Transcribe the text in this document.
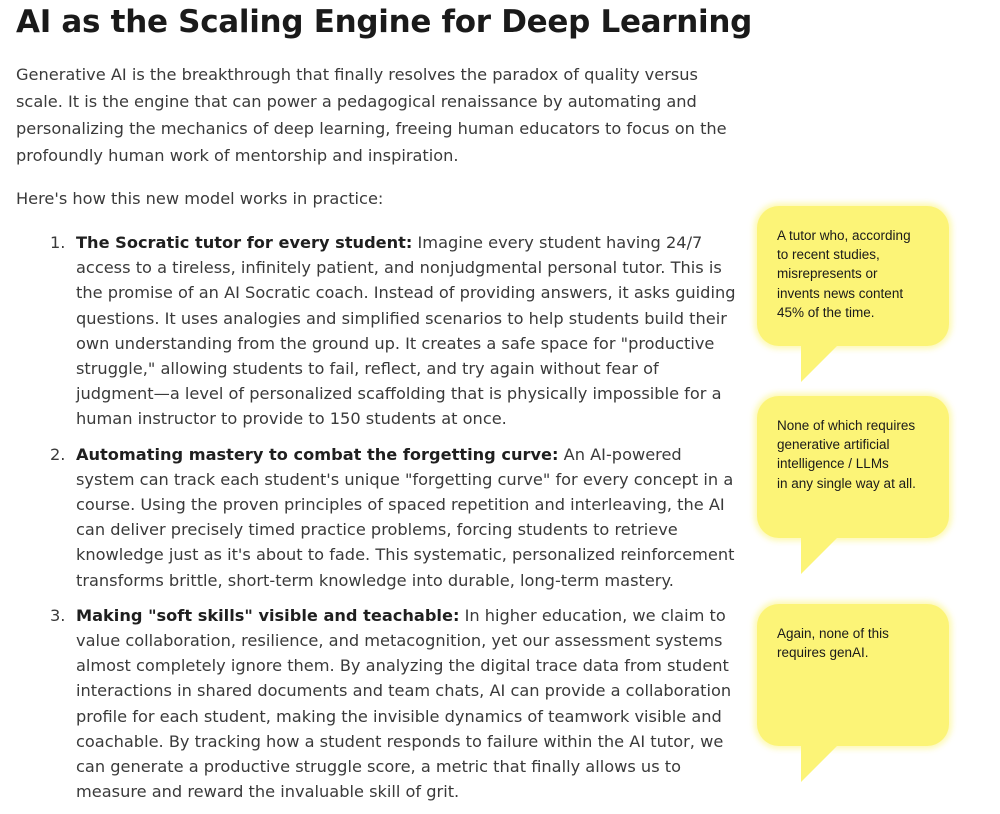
AI as the Scaling Engine for Deep Learning

Generative AI is the breakthrough that finally resolves the paradox of quality versus scale. It is the engine that can power a pedagogical renaissance by automating and personalizing the mechanics of deep learning, freeing human educators to focus on the profoundly human work of mentorship and inspiration.

Here's how this new model works in practice:

1. The Socratic tutor for every student: Imagine every student having 24/7 access to a tireless, infinitely patient, and nonjudgmental personal tutor. This is the promise of an AI Socratic coach. Instead of providing answers, it asks guiding questions. It uses analogies and simplified scenarios to help students build their own understanding from the ground up. It creates a safe space for "productive struggle," allowing students to fail, reflect, and try again without fear of judgment—a level of personalized scaffolding that is physically impossible for a human instructor to provide to 150 students at once.
2. Automating mastery to combat the forgetting curve: An AI-powered system can track each student's unique "forgetting curve" for every concept in a course. Using the proven principles of spaced repetition and interleaving, the AI can deliver precisely timed practice problems, forcing students to retrieve knowledge just as it's about to fade. This systematic, personalized reinforcement transforms brittle, short-term knowledge into durable, long-term mastery.
3. Making "soft skills" visible and teachable: In higher education, we claim to value collaboration, resilience, and metacognition, yet our assessment systems almost completely ignore them. By analyzing the digital trace data from student interactions in shared documents and team chats, AI can provide a collaboration profile for each student, making the invisible dynamics of teamwork visible and coachable. By tracking how a student responds to failure within the AI tutor, we can generate a productive struggle score, a metric that finally allows us to measure and reward the invaluable skill of grit.
A tutor who, according
to recent studies,
misrepresents or
invents news content
45% of the time.
None of which requires
generative artificial
intelligence / LLMs
in any single way at all.
Again, none of this
requires genAI.
